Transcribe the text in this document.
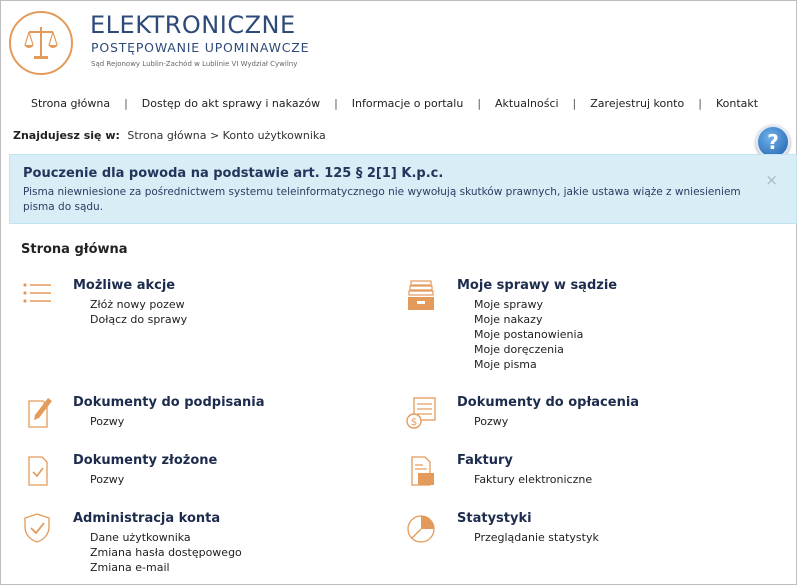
ELEKTRONICZNE
POSTĘPOWANIE UPOMINAWCZE
Sąd Rejonowy Lublin-Zachód w Lublinie VI Wydział Cywilny
Strona główna | Dostęp do akt sprawy i nakazów | Informacje o portalu | Aktualności | Zarejestruj konto | Kontakt
Znajdujesz się w: Strona główna > Konto użytkownika	?
Pouczenie dla powoda na podstawie art. 125 § 2[1] K.p.c.
Pisma niewniesione za pośrednictwem systemu teleinformatycznego nie wywołują skutków prawnych, jakie ustawa wiąże z wniesieniem pisma do sądu.
×
Strona główna
Możliwe akcje
Złóż nowy pozew
Dołącz do sprawy
Moje sprawy w sądzie
Moje sprawy
Moje nakazy
Moje postanowienia
Moje doręczenia
Moje pisma
Dokumenty do podpisania
Pozwy	$
Dokumenty do opłacenia
Pozwy
Dokumenty złożone
Pozwy
Faktury
Faktury elektroniczne
Administracja konta
Dane użytkownika
Zmiana hasła dostępowego
Zmiana e-mail
Statystyki
Przeglądanie statystyk
